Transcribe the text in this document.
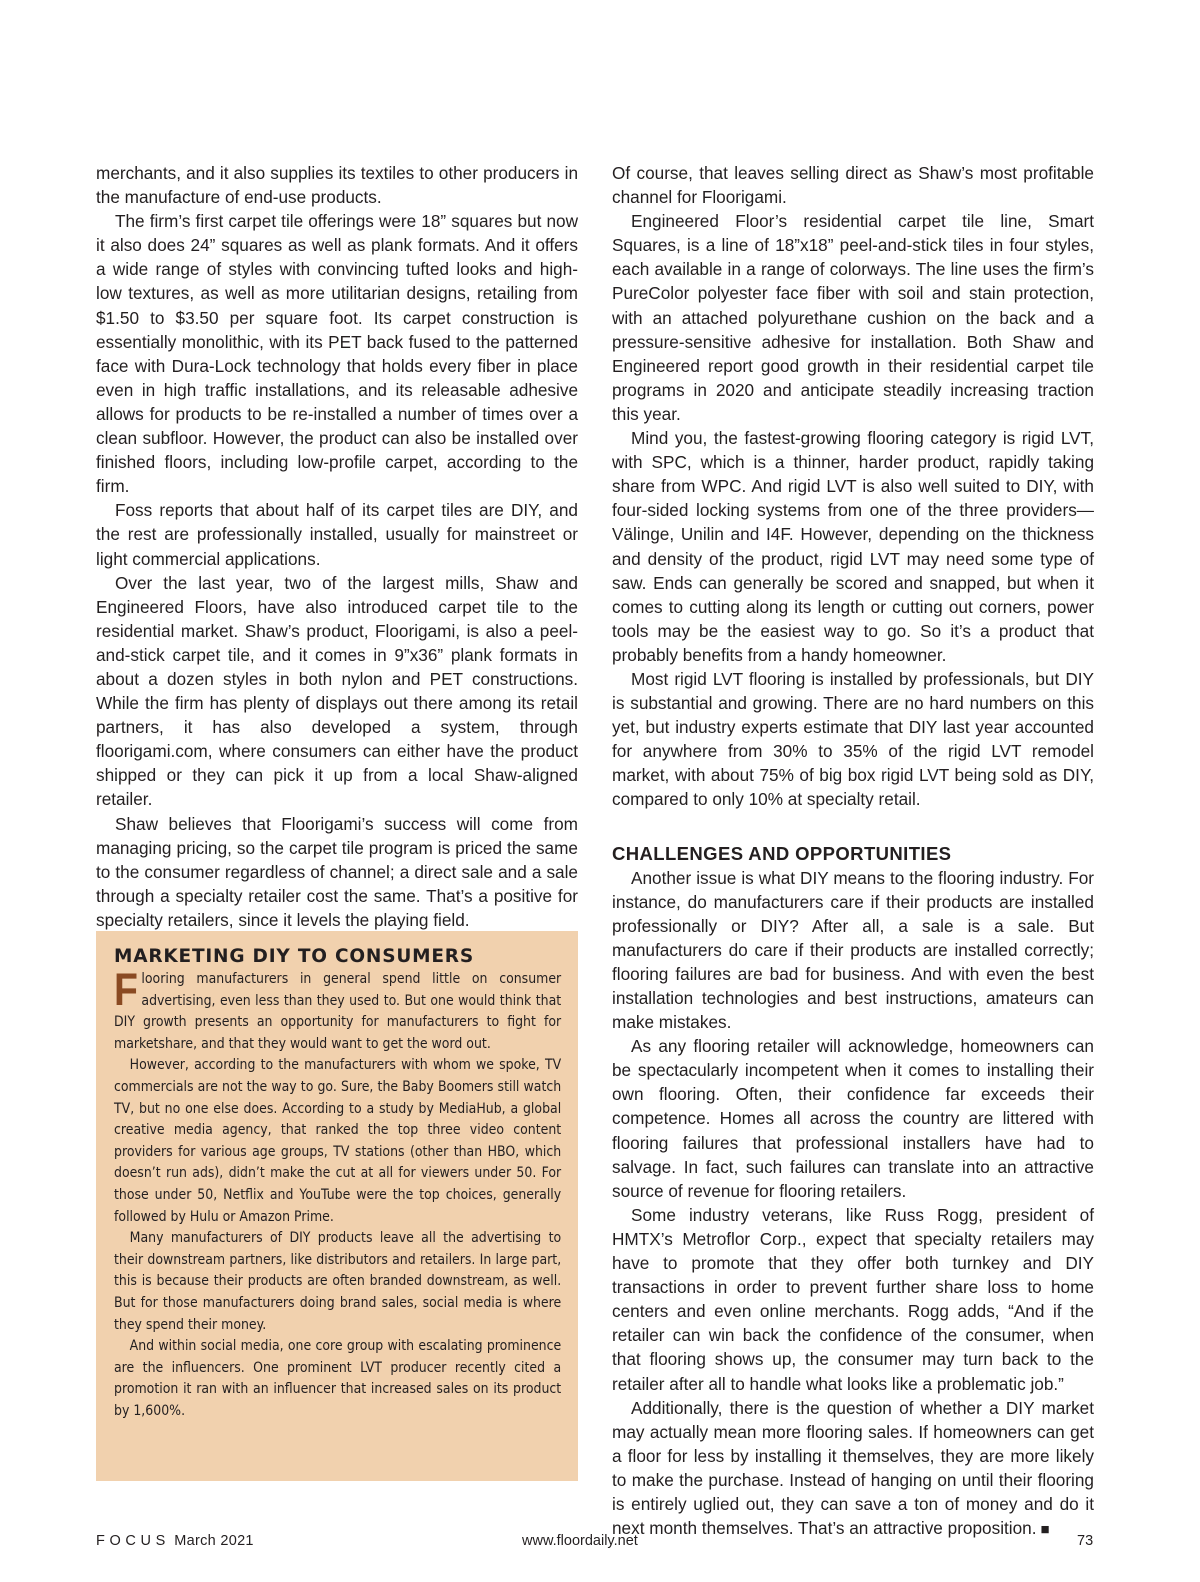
merchants, and it also supplies its textiles to other producers in the manufacture of end-use products.

The firm’s first carpet tile offerings were 18” squares but now it also does 24” squares as well as plank formats. And it offers a wide range of styles with convincing tufted looks and high-low textures, as well as more utilitarian designs, retailing from $1.50 to $3.50 per square foot. Its carpet construction is essentially monolithic, with its PET back fused to the patterned face with Dura-Lock technology that holds every fiber in place even in high traffic installations, and its releasable adhesive allows for products to be re-installed a number of times over a clean subfloor. However, the product can also be installed over finished floors, including low-profile carpet, according to the firm.

Foss reports that about half of its carpet tiles are DIY, and the rest are professionally installed, usually for mainstreet or light commercial applications.

Over the last year, two of the largest mills, Shaw and Engineered Floors, have also introduced carpet tile to the residential market. Shaw’s product, Floorigami, is also a peel-and-stick carpet tile, and it comes in 9”x36” plank formats in about a dozen styles in both nylon and PET constructions. While the firm has plenty of displays out there among its retail partners, it has also developed a system, through floorigami.com, where consumers can either have the product shipped or they can pick it up from a local Shaw-aligned retailer.

Shaw believes that Floorigami’s success will come from managing pricing, so the carpet tile program is priced the same to the consumer regardless of channel; a direct sale and a sale through a specialty retailer cost the same. That’s a positive for specialty retailers, since it levels the playing field.

MARKETING DIY TO CONSUMERS

Flooring manufacturers in general spend little on consumer advertising, even less than they used to. But one would think that DIY growth presents an opportunity for manufacturers to fight for marketshare, and that they would want to get the word out.

However, according to the manufacturers with whom we spoke, TV commercials are not the way to go. Sure, the Baby Boomers still watch TV, but no one else does. According to a study by MediaHub, a global creative media agency, that ranked the top three video content providers for various age groups, TV stations (other than HBO, which doesn’t run ads), didn’t make the cut at all for viewers under 50. For those under 50, Netflix and YouTube were the top choices, generally followed by Hulu or Amazon Prime.

Many manufacturers of DIY products leave all the advertising to their downstream partners, like distributors and retailers. In large part, this is because their products are often branded downstream, as well. But for those manufacturers doing brand sales, social media is where they spend their money.

And within social media, one core group with escalating prominence are the influencers. One prominent LVT producer recently cited a promotion it ran with an influencer that increased sales on its product by 1,600%.

Of course, that leaves selling direct as Shaw’s most profitable channel for Floorigami.

Engineered Floor’s residential carpet tile line, Smart Squares, is a line of 18”x18” peel-and-stick tiles in four styles, each available in a range of colorways. The line uses the firm’s PureColor polyester face fiber with soil and stain protection, with an attached polyurethane cushion on the back and a pressure-sensitive adhesive for installation. Both Shaw and Engineered report good growth in their residential carpet tile programs in 2020 and anticipate steadily increasing traction this year.

Mind you, the fastest-growing flooring category is rigid LVT, with SPC, which is a thinner, harder product, rapidly taking share from WPC. And rigid LVT is also well suited to DIY, with four-sided locking systems from one of the three providers—Välinge, Unilin and I4F. However, depending on the thickness and density of the product, rigid LVT may need some type of saw. Ends can generally be scored and snapped, but when it comes to cutting along its length or cutting out corners, power tools may be the easiest way to go. So it’s a product that probably benefits from a handy homeowner.

Most rigid LVT flooring is installed by professionals, but DIY is substantial and growing. There are no hard numbers on this yet, but industry experts estimate that DIY last year accounted for anywhere from 30% to 35% of the rigid LVT remodel market, with about 75% of big box rigid LVT being sold as DIY, compared to only 10% at specialty retail.

CHALLENGES AND OPPORTUNITIES

Another issue is what DIY means to the flooring industry. For instance, do manufacturers care if their products are installed professionally or DIY? After all, a sale is a sale. But manufacturers do care if their products are installed correctly; flooring failures are bad for business. And with even the best installation technologies and best instructions, amateurs can make mistakes.

As any flooring retailer will acknowledge, homeowners can be spectacularly incompetent when it comes to installing their own flooring. Often, their confidence far exceeds their competence. Homes all across the country are littered with flooring failures that professional installers have had to salvage. In fact, such failures can translate into an attractive source of revenue for flooring retailers.

Some industry veterans, like Russ Rogg, president of HMTX’s Metroflor Corp., expect that specialty retailers may have to promote that they offer both turnkey and DIY transactions in order to prevent further share loss to home centers and even online merchants. Rogg adds, “And if the retailer can win back the confidence of the consumer, when that flooring shows up, the consumer may turn back to the retailer after all to handle what looks like a problematic job.”

Additionally, there is the question of whether a DIY market may actually mean more flooring sales. If homeowners can get a floor for less by installing it themselves, they are more likely to make the purchase. Instead of hanging on until their flooring is entirely uglied out, they can save a ton of money and do it next month themselves. That’s an attractive proposition. ■

F O C U S  March 2021	www.floordaily.net	73
